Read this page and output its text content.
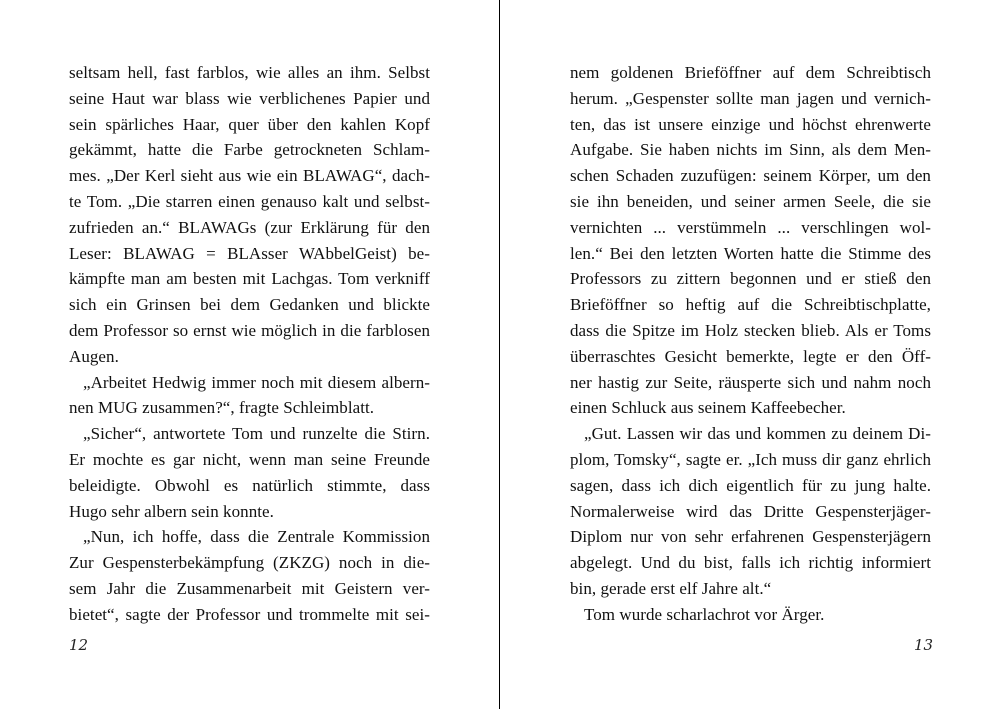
seltsam hell, fast farblos, wie alles an ihm. Selbst
seine Haut war blass wie verblichenes Papier und
sein spärliches Haar, quer über den kahlen Kopf
gekämmt, hatte die Farbe getrockneten Schlam-
mes. „Der Kerl sieht aus wie ein BLAWAG“, dach-
te Tom. „Die starren einen genauso kalt und selbst-
zufrieden an.“ BLAWAGs (zur Erklärung für den
Leser: BLAWAG = BLAsser WAbbelGeist) be-
kämpfte man am besten mit Lachgas. Tom verkniff
sich ein Grinsen bei dem Gedanken und blickte
dem Professor so ernst wie möglich in die farblosen
Augen.
„Arbeitet Hedwig immer noch mit diesem albern-
nen MUG zusammen?“, fragte Schleimblatt.
„Sicher“, antwortete Tom und runzelte die Stirn.
Er mochte es gar nicht, wenn man seine Freunde
beleidigte. Obwohl es natürlich stimmte, dass
Hugo sehr albern sein konnte.
„Nun, ich hoffe, dass die Zentrale Kommission
Zur Gespensterbekämpfung (ZKZG) noch in die-
sem Jahr die Zusammenarbeit mit Geistern ver-
bietet“, sagte der Professor und trommelte mit sei-
12
nem goldenen Brieföffner auf dem Schreibtisch
herum. „Gespenster sollte man jagen und vernich-
ten, das ist unsere einzige und höchst ehrenwerte
Aufgabe. Sie haben nichts im Sinn, als dem Men-
schen Schaden zuzufügen: seinem Körper, um den
sie ihn beneiden, und seiner armen Seele, die sie
vernichten ... verstümmeln ... verschlingen wol-
len.“ Bei den letzten Worten hatte die Stimme des
Professors zu zittern begonnen und er stieß den
Brieföffner so heftig auf die Schreibtischplatte,
dass die Spitze im Holz stecken blieb. Als er Toms
überraschtes Gesicht bemerkte, legte er den Öff-
ner hastig zur Seite, räusperte sich und nahm noch
einen Schluck aus seinem Kaffeebecher.
„Gut. Lassen wir das und kommen zu deinem Di-
plom, Tomsky“, sagte er. „Ich muss dir ganz ehrlich
sagen, dass ich dich eigentlich für zu jung halte.
Normalerweise wird das Dritte Gespensterjäger-
Diplom nur von sehr erfahrenen Gespensterjägern
abgelegt. Und du bist, falls ich richtig informiert
bin, gerade erst elf Jahre alt.“
Tom wurde scharlachrot vor Ärger.
13
